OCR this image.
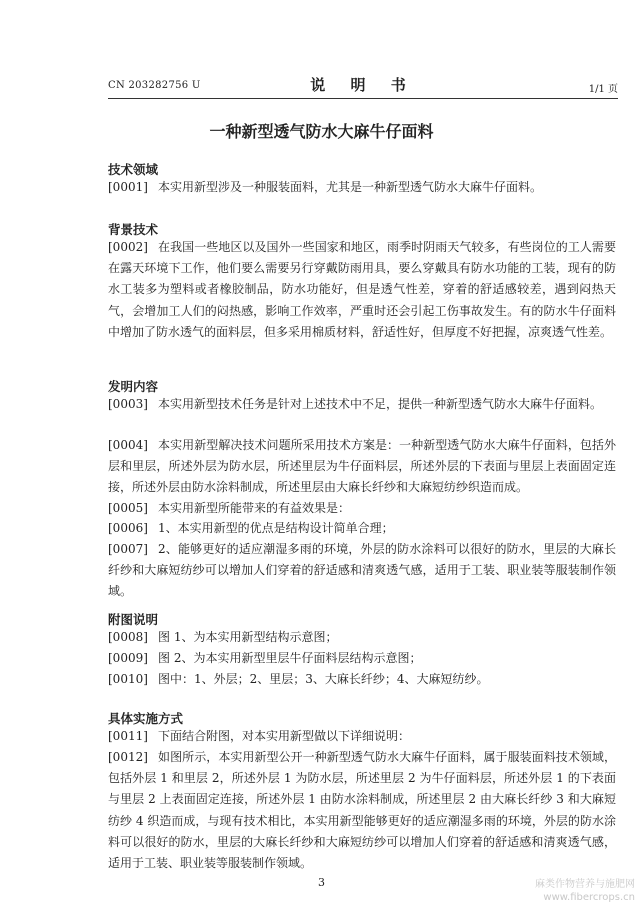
CN 203282756 U	说 明 书	1/1 页
一种新型透气防水大麻牛仔面料
技术领域
[0001] 本实用新型涉及一种服装面料，尤其是一种新型透气防水大麻牛仔面料。
背景技术
[0002] 在我国一些地区以及国外一些国家和地区，雨季时阴雨天气较多，有些岗位的工人需要在露天环境下工作，他们要么需要另行穿戴防雨用具，要么穿戴具有防水功能的工装，现有的防水工装多为塑料或者橡胶制品，防水功能好，但是透气性差，穿着的舒适感较差，遇到闷热天气，会增加工人们的闷热感，影响工作效率，严重时还会引起工伤事故发生。有的防水牛仔面料中增加了防水透气的面料层，但多采用棉质材料，舒适性好，但厚度不好把握，凉爽透气性差。
发明内容
[0003] 本实用新型技术任务是针对上述技术中不足，提供一种新型透气防水大麻牛仔面料。
[0004] 本实用新型解决技术问题所采用技术方案是：一种新型透气防水大麻牛仔面料，包括外层和里层，所述外层为防水层，所述里层为牛仔面料层，所述外层的下表面与里层上表面固定连接，所述外层由防水涂料制成，所述里层由大麻长纤纱和大麻短纺纱织造而成。
[0005] 本实用新型所能带来的有益效果是：
[0006] 1、本实用新型的优点是结构设计简单合理；
[0007] 2、能够更好的适应潮湿多雨的环境，外层的防水涂料可以很好的防水，里层的大麻长纤纱和大麻短纺纱可以增加人们穿着的舒适感和清爽透气感，适用于工装、职业装等服装制作领域。
附图说明
[0008] 图 1、为本实用新型结构示意图；
[0009] 图 2、为本实用新型里层牛仔面料层结构示意图；
[0010] 图中：1、外层；2、里层；3、大麻长纤纱；4、大麻短纺纱。
具体实施方式
[0011] 下面结合附图，对本实用新型做以下详细说明：
[0012] 如图所示，本实用新型公开一种新型透气防水大麻牛仔面料，属于服装面料技术领域，包括外层 1 和里层 2，所述外层 1 为防水层，所述里层 2 为牛仔面料层，所述外层 1 的下表面与里层 2 上表面固定连接，所述外层 1 由防水涂料制成，所述里层 2 由大麻长纤纱 3 和大麻短纺纱 4 织造而成，与现有技术相比，本实用新型能够更好的适应潮湿多雨的环境，外层的防水涂料可以很好的防水，里层的大麻长纤纱和大麻短纺纱可以增加人们穿着的舒适感和清爽透气感，适用于工装、职业装等服装制作领域。
3	麻类作物营养与施肥网
www.fibercrops.cn
